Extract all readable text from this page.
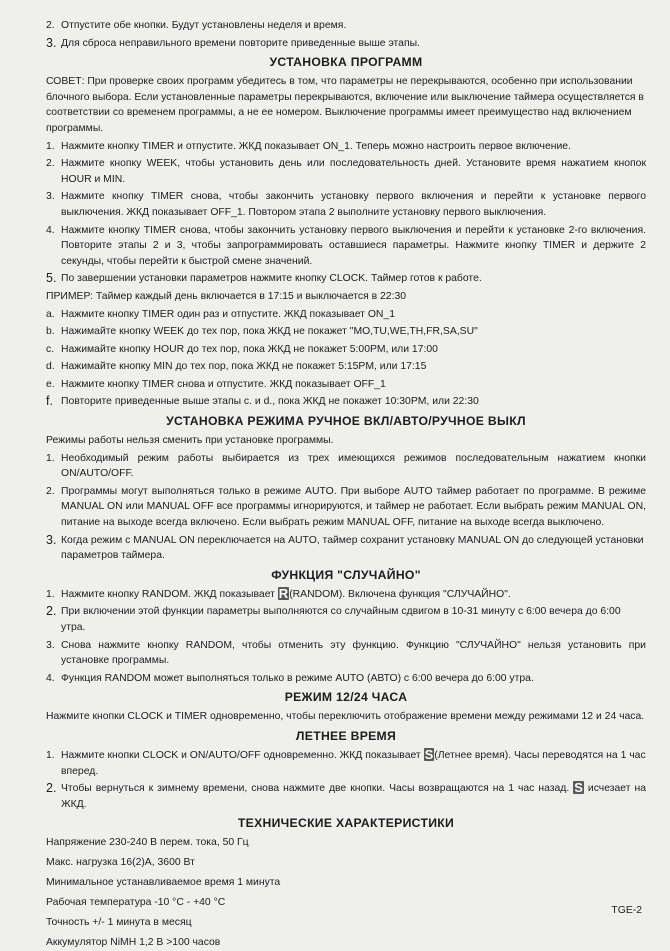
2. Отпустите обе кнопки. Будут установлены неделя и время.
3. Для сброса неправильного времени повторите приведенные выше этапы.
УСТАНОВКА ПРОГРАММ
СОВЕТ: При проверке своих программ убедитесь в том, что параметры не перекрываются, особенно при использовании блочного выбора. Если установленные параметры перекрываются, включение или выключение таймера осуществляется в соответствии со временем программы, а не ее номером. Выключение программы имеет преимущество над включением программы.
1. Нажмите кнопку TIMER и отпустите. ЖКД показывает ON_1. Теперь можно настроить первое включение.
2. Нажмите кнопку WEEK, чтобы установить день или последовательность дней. Установите время нажатием кнопок HOUR и MIN.
3. Нажмите кнопку TIMER снова, чтобы закончить установку первого включения и перейти к установке первого выключения. ЖКД показывает OFF_1. Повтором этапа 2 выполните установку первого выключения.
4. Нажмите кнопку TIMER снова, чтобы закончить установку первого выключения и перейти к установке 2-го включения. Повторите этапы 2 и 3, чтобы запрограммировать оставшиеся параметры. Нажмите кнопку TIMER и держите 2 секунды, чтобы перейти к быстрой смене значений.
5. По завершении установки параметров нажмите кнопку CLOCK. Таймер готов к работе.
ПРИМЕР: Таймер каждый день включается в 17:15 и выключается в 22:30
a. Нажмите кнопку TIMER один раз и отпустите. ЖКД показывает ON_1
b. Нажимайте кнопку WEEK до тех пор, пока ЖКД не покажет "MO,TU,WE,TH,FR,SA,SU"
c. Нажимайте кнопку HOUR до тех пор, пока ЖКД не покажет 5:00PM, или 17:00
d. Нажимайте кнопку MIN до тех пор, пока ЖКД не покажет 5:15PM, или 17:15
e. Нажмите кнопку TIMER снова и отпустите. ЖКД показывает OFF_1
f. Повторите приведенные выше этапы c. и d., пока ЖКД не покажет 10:30PM, или 22:30
УСТАНОВКА РЕЖИМА РУЧНОЕ ВКЛ/АВТО/РУЧНОЕ ВЫКЛ
Режимы работы нельзя сменить при установке программы.
1. Необходимый режим работы выбирается из трех имеющихся режимов последовательным нажатием кнопки ON/AUTO/OFF.
2. Программы могут выполняться только в режиме AUTO. При выборе AUTO таймер работает по программе. В режиме MANUAL ON или MANUAL OFF все программы игнорируются, и таймер не работает. Если выбрать режим MANUAL ON, питание на выходе всегда включено. Если выбрать режим MANUAL OFF, питание на выходе всегда выключено.
3. Когда режим с MANUAL ON переключается на AUTO, таймер сохранит установку MANUAL ON до следующей установки параметров таймера.
ФУНКЦИЯ "СЛУЧАЙНО"
1. Нажмите кнопку RANDOM. ЖКД показывает R(RANDOM). Включена функция "СЛУЧАЙНО".
2. При включении этой функции параметры выполняются со случайным сдвигом в 10-31 минуту с 6:00 вечера до 6:00 утра.
3. Снова нажмите кнопку RANDOM, чтобы отменить эту функцию. Функцию "СЛУЧАЙНО" нельзя установить при установке программы.
4. Функция RANDOM может выполняться только в режиме AUTO (АВТО) с 6:00 вечера до 6:00 утра.
РЕЖИМ 12/24 ЧАСА
Нажмите кнопки CLOCK и TIMER одновременно, чтобы переключить отображение времени между режимами 12 и 24 часа.
ЛЕТНЕЕ ВРЕМЯ
1. Нажмите кнопки CLOCK и ON/AUTO/OFF одновременно. ЖКД показывает S(Летнее время). Часы переводятся на 1 час вперед.
2. Чтобы вернуться к зимнему времени, снова нажмите две кнопки. Часы возвращаются на 1 час назад. S исчезает на ЖКД.
ТЕХНИЧЕСКИЕ ХАРАКТЕРИСТИКИ
Напряжение 230-240 В перем. тока, 50 Гц
Макс. нагрузка 16(2)А, 3600 Вт
Минимальное устанавливаемое время 1 минута
Рабочая температура -10 °С - +40 °С
Точность +/- 1 минута в месяц
Аккумулятор NiMH 1,2 В >100 часов
TGE-2
